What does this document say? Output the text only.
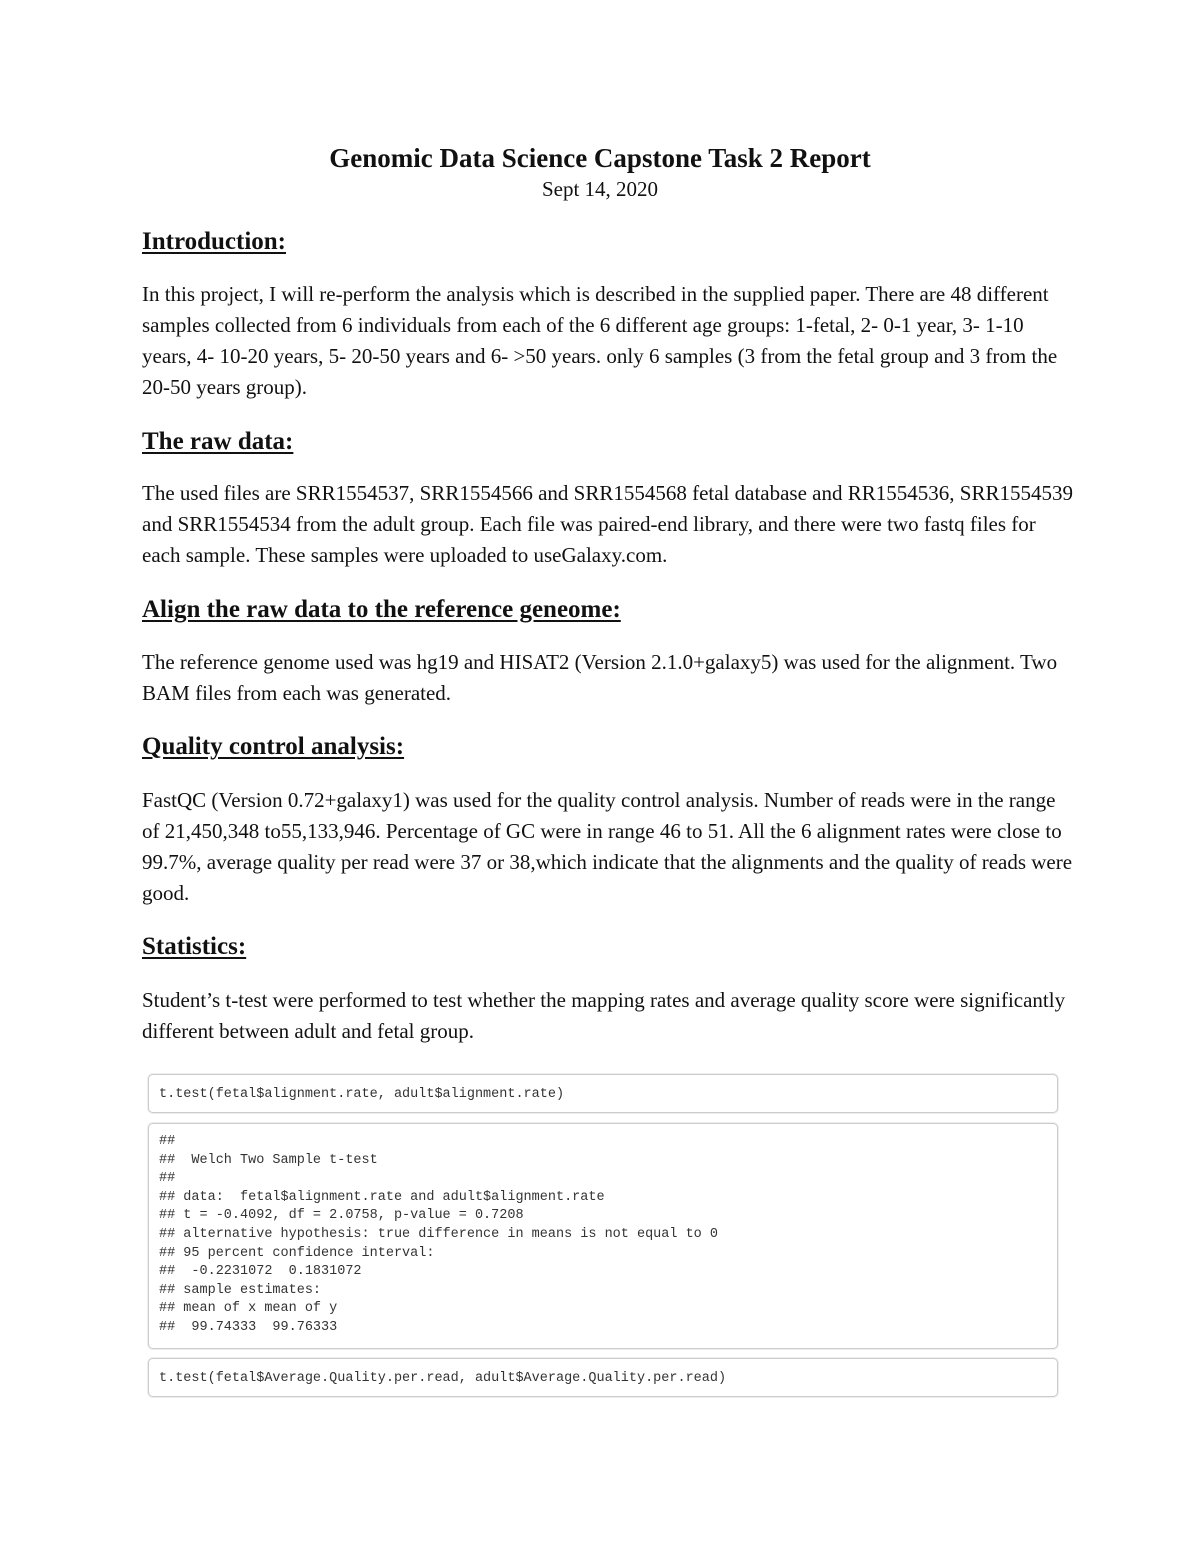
Genomic Data Science Capstone Task 2 Report

Sept 14, 2020

Introduction:

In this project, I will re-perform the analysis which is described in the supplied paper. There are 48 different samples collected from 6 individuals from each of the 6 different age groups: 1-fetal, 2- 0-1 year, 3- 1-10 years, 4- 10-20 years, 5- 20-50 years and 6- >50 years. only 6 samples (3 from the fetal group and 3 from the 20-50 years group).

The raw data:

The used files are SRR1554537, SRR1554566 and SRR1554568 fetal database and RR1554536, SRR1554539 and SRR1554534 from the adult group. Each file was paired-end library, and there were two fastq files for each sample. These samples were uploaded to useGalaxy.com.

Align the raw data to the reference geneome:

The reference genome used was hg19 and HISAT2 (Version 2.1.0+galaxy5) was used for the alignment. Two BAM files from each was generated.

Quality control analysis:

FastQC (Version 0.72+galaxy1) was used for the quality control analysis. Number of reads were in the range of 21,450,348 to55,133,946. Percentage of GC were in range 46 to 51. All the 6 alignment rates were close to 99.7%, average quality per read were 37 or 38,which indicate that the alignments and the quality of reads were good.

Statistics:

Student’s t-test were performed to test whether the mapping rates and average quality score were significantly different between adult and fetal group.

t.test(fetal$alignment.rate, adult$alignment.rate)
##
##  Welch Two Sample t-test
##
## data:  fetal$alignment.rate and adult$alignment.rate
## t = -0.4092, df = 2.0758, p-value = 0.7208
## alternative hypothesis: true difference in means is not equal to 0
## 95 percent confidence interval:
##  -0.2231072  0.1831072
## sample estimates:
## mean of x mean of y
##  99.74333  99.76333
t.test(fetal$Average.Quality.per.read, adult$Average.Quality.per.read)
